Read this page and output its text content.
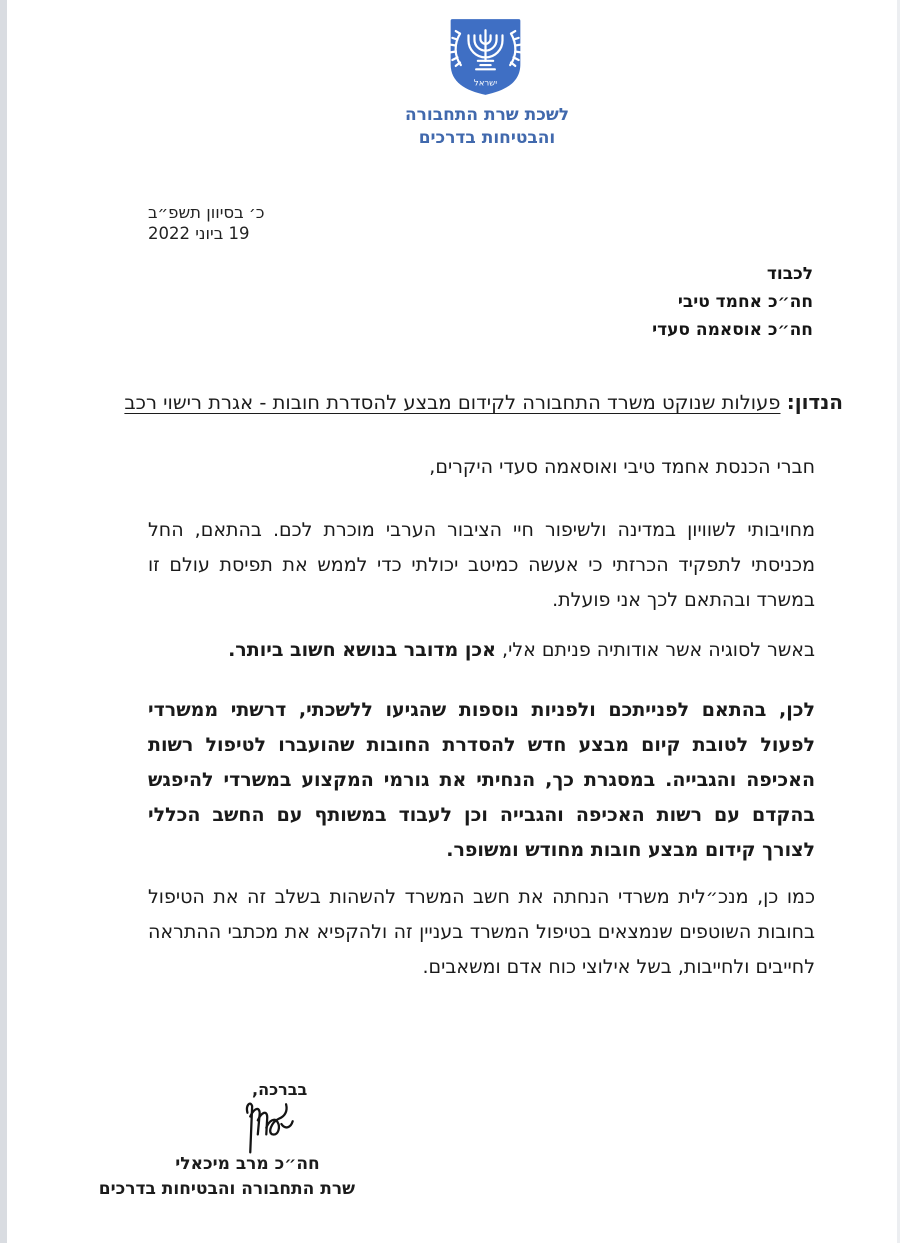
ישראל
לשכת שרת התחבורה
והבטיחות בדרכים
כ׳ בסיוון תשפ״ב
19 ביוני 2022
לכבוד
חה״כ אחמד טיבי
חה״כ אוסאמה סעדי
הנדון: פעולות שנוקט משרד התחבורה לקידום מבצע להסדרת חובות - אגרת רישוי רכב

חברי הכנסת אחמד טיבי ואוסאמה סעדי היקרים,

מחויבותי לשוויון במדינה ולשיפור חיי הציבור הערבי מוכרת לכם. בהתאם, החל מכניסתי לתפקיד הכרזתי כי אעשה כמיטב יכולתי כדי לממש את תפיסת עולם זו במשרד ובהתאם לכך אני פועלת.

באשר לסוגיה אשר אודותיה פניתם אלי, אכן מדובר בנושא חשוב ביותר.

לכן, בהתאם לפנייתכם ולפניות נוספות שהגיעו ללשכתי, דרשתי ממשרדי לפעול לטובת קיום מבצע חדש להסדרת החובות שהועברו לטיפול רשות האכיפה והגבייה. במסגרת כך, הנחיתי את גורמי המקצוע במשרדי להיפגש בהקדם עם רשות האכיפה והגבייה וכן לעבוד במשותף עם החשב הכללי לצורך קידום מבצע חובות מחודש ומשופר.

כמו כן, מנכ״לית משרדי הנחתה את חשב המשרד להשהות בשלב זה את הטיפול בחובות השוטפים שנמצאים בטיפול המשרד בעניין זה ולהקפיא את מכתבי ההתראה לחייבים ולחייבות, בשל אילוצי כוח אדם ומשאבים.

בברכה,
חה״כ מרב מיכאלי
שרת התחבורה והבטיחות בדרכים
